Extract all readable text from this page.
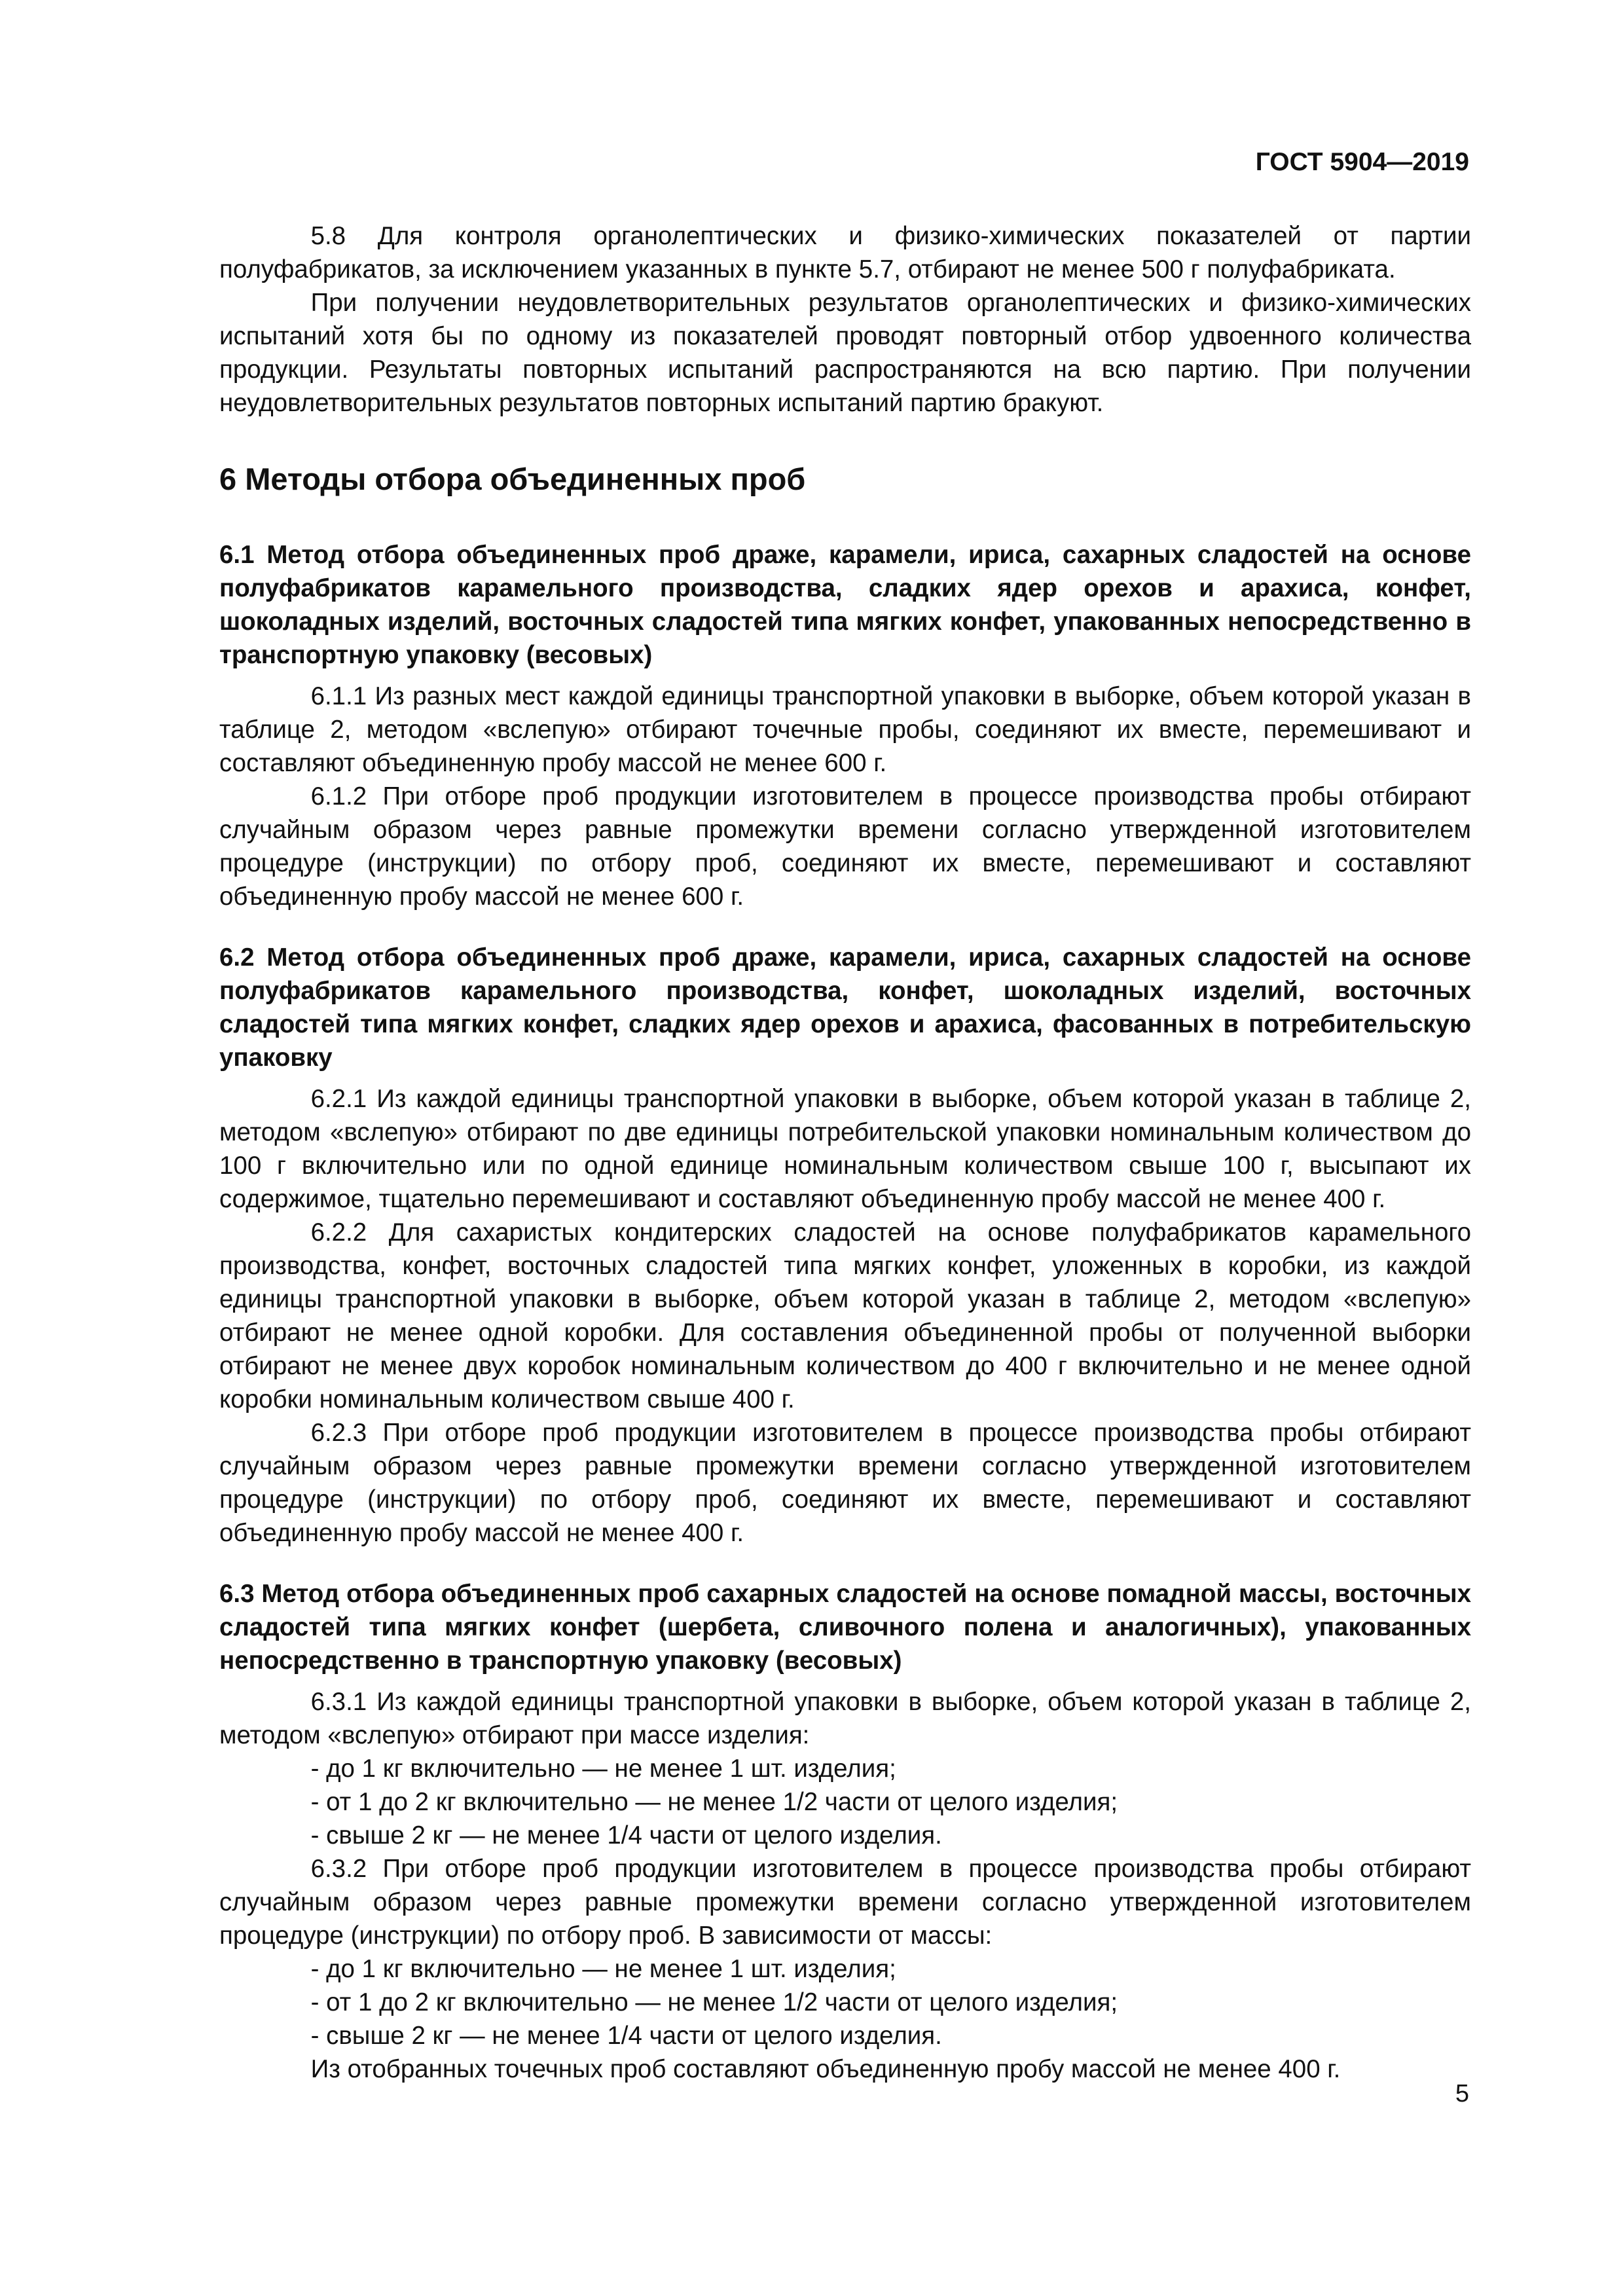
ГОСТ 5904—2019

5.8 Для контроля органолептических и физико-химических показателей от партии полуфабрикатов, за исключением указанных в пункте 5.7, отбирают не менее 500 г полуфабриката.

При получении неудовлетворительных результатов органолептических и физико-химических испытаний хотя бы по одному из показателей проводят повторный отбор удвоенного количества продукции. Результаты повторных испытаний распространяются на всю партию. При получении неудовлетворительных результатов повторных испытаний партию бракуют.

6 Методы отбора объединенных проб

6.1 Метод отбора объединенных проб драже, карамели, ириса, сахарных сладостей на основе полуфабрикатов карамельного производства, сладких ядер орехов и арахиса, конфет, шоколадных изделий, восточных сладостей типа мягких конфет, упакованных непосредственно в транспортную упаковку (весовых)

6.1.1 Из разных мест каждой единицы транспортной упаковки в выборке, объем которой указан в таблице 2, методом «вслепую» отбирают точечные пробы, соединяют их вместе, перемешивают и составляют объединенную пробу массой не менее 600 г.

6.1.2 При отборе проб продукции изготовителем в процессе производства пробы отбирают случайным образом через равные промежутки времени согласно утвержденной изготовителем процедуре (инструкции) по отбору проб, соединяют их вместе, перемешивают и составляют объединенную пробу массой не менее 600 г.

6.2 Метод отбора объединенных проб драже, карамели, ириса, сахарных сладостей на основе полуфабрикатов карамельного производства, конфет, шоколадных изделий, восточных сладостей типа мягких конфет, сладких ядер орехов и арахиса, фасованных в потребительскую упаковку

6.2.1 Из каждой единицы транспортной упаковки в выборке, объем которой указан в таблице 2, методом «вслепую» отбирают по две единицы потребительской упаковки номинальным количеством до 100 г включительно или по одной единице номинальным количеством свыше 100 г, высыпают их содержимое, тщательно перемешивают и составляют объединенную пробу массой не менее 400 г.

6.2.2 Для сахаристых кондитерских сладостей на основе полуфабрикатов карамельного производства, конфет, восточных сладостей типа мягких конфет, уложенных в коробки, из каждой единицы транспортной упаковки в выборке, объем которой указан в таблице 2, методом «вслепую» отбирают не менее одной коробки. Для составления объединенной пробы от полученной выборки отбирают не менее двух коробок номинальным количеством до 400 г включительно и не менее одной коробки номинальным количеством свыше 400 г.

6.2.3 При отборе проб продукции изготовителем в процессе производства пробы отбирают случайным образом через равные промежутки времени согласно утвержденной изготовителем процедуре (инструкции) по отбору проб, соединяют их вместе, перемешивают и составляют объединенную пробу массой не менее 400 г.

6.3 Метод отбора объединенных проб сахарных сладостей на основе помадной массы, восточных сладостей типа мягких конфет (шербета, сливочного полена и аналогичных), упакованных непосредственно в транспортную упаковку (весовых)

6.3.1 Из каждой единицы транспортной упаковки в выборке, объем которой указан в таблице 2, методом «вслепую» отбирают при массе изделия:

- до 1 кг включительно — не менее 1 шт. изделия;

- от 1 до 2 кг включительно — не менее 1/2 части от целого изделия;

- свыше 2 кг — не менее 1/4 части от целого изделия.

6.3.2 При отборе проб продукции изготовителем в процессе производства пробы отбирают случайным образом через равные промежутки времени согласно утвержденной изготовителем процедуре (инструкции) по отбору проб. В зависимости от массы:

- до 1 кг включительно — не менее 1 шт. изделия;

- от 1 до 2 кг включительно — не менее 1/2 части от целого изделия;

- свыше 2 кг — не менее 1/4 части от целого изделия.

Из отобранных точечных проб составляют объединенную пробу массой не менее 400 г.

5
